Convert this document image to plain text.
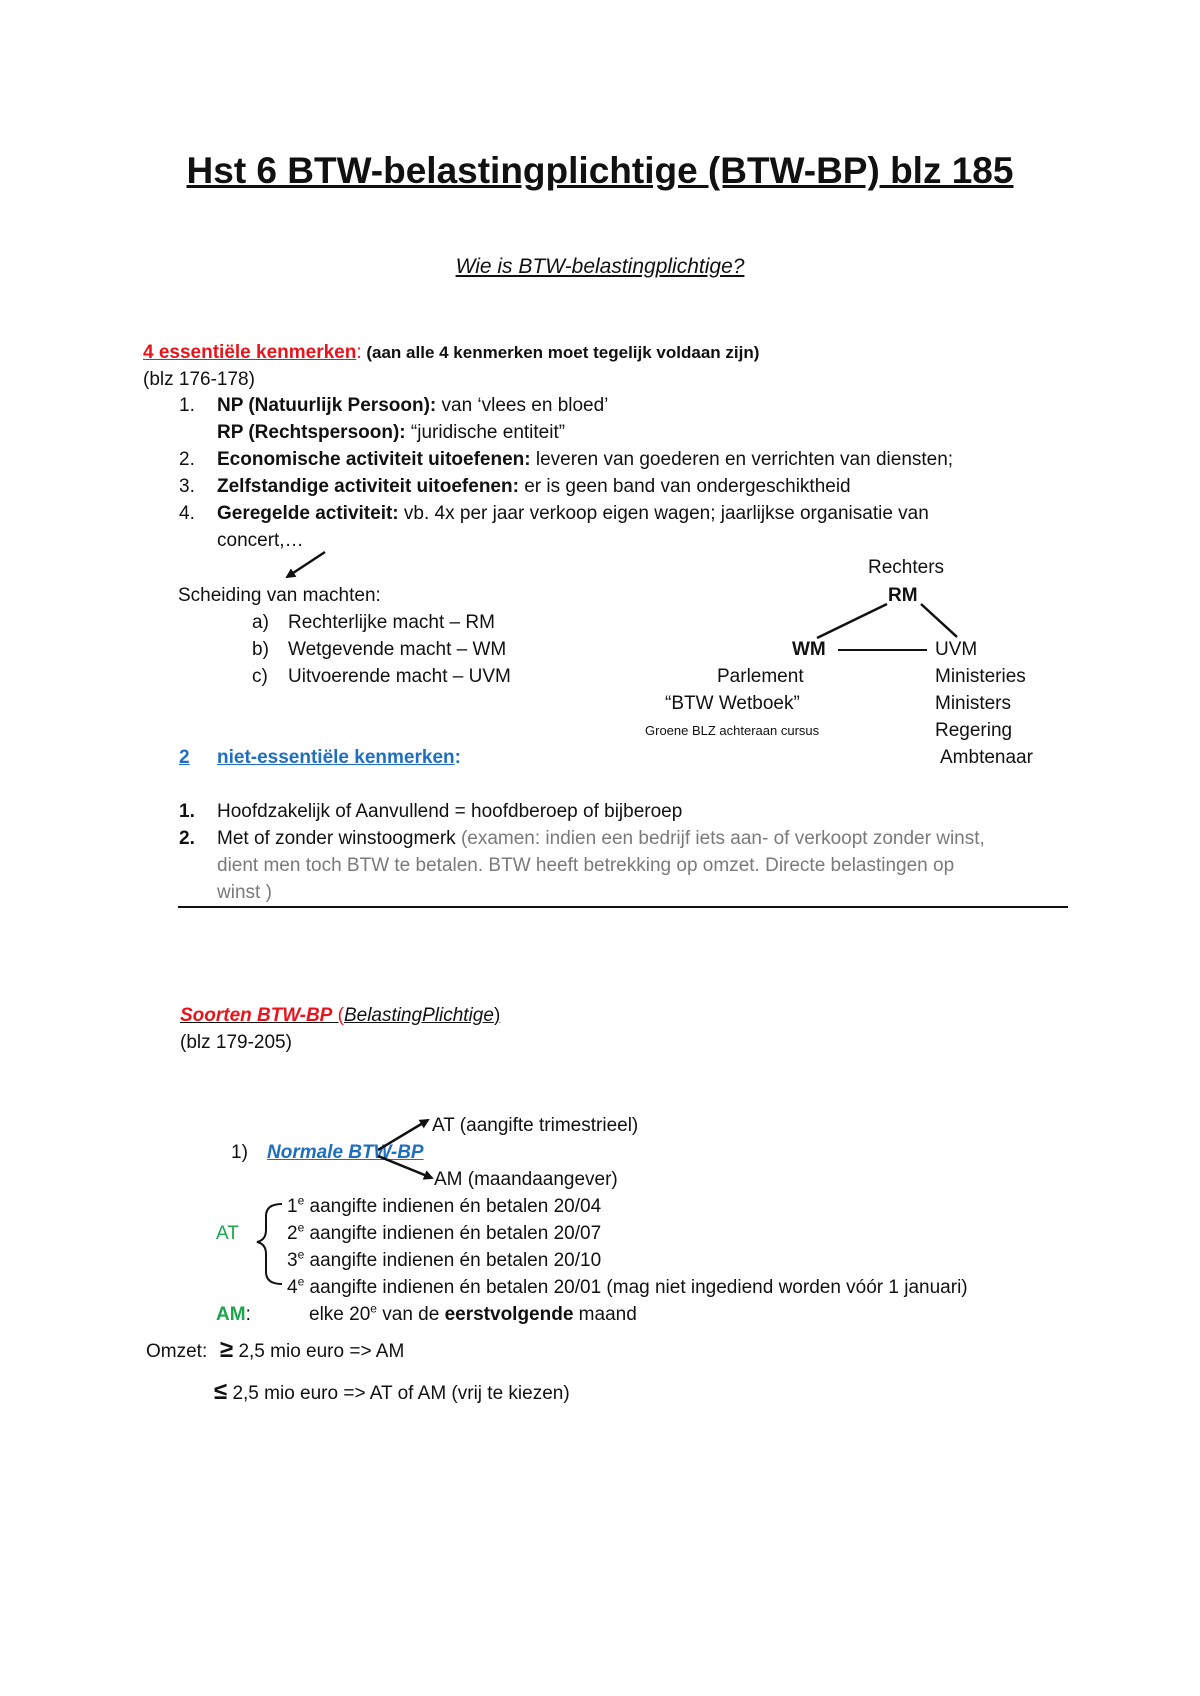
Hst 6 BTW-belastingplichtige (BTW-BP) blz 185
Wie is BTW-belastingplichtige?
4 essentiële kenmerken: (aan alle 4 kenmerken moet tegelijk voldaan zijn)
(blz 176-178)
1. NP (Natuurlijk Persoon): van ‘vlees en bloed’
RP (Rechtspersoon): “juridische entiteit”
2. Economische activiteit uitoefenen: leveren van goederen en verrichten van diensten;
3. Zelfstandige activiteit uitoefenen: er is geen band van ondergeschiktheid
4. Geregelde activiteit: vb. 4x per jaar verkoop eigen wagen; jaarlijkse organisatie van
concert,…
Scheiding van machten:
a) Rechterlijke macht – RM
b) Wetgevende macht – WM
c) Uitvoerende macht – UVM
Rechters
RM
WM	UVM
Parlement
“BTW Wetboek”
Groene BLZ achteraan cursus
Ministeries
Ministers
Regering
Ambtenaar
2 niet-essentiële kenmerken:
1. Hoofdzakelijk of Aanvullend = hoofdberoep of bijberoep
2. Met of zonder winstoogmerk (examen: indien een bedrijf iets aan- of verkoopt zonder winst,
dient men toch BTW te betalen. BTW heeft betrekking op omzet. Directe belastingen op
winst )
Soorten BTW-BP (BelastingPlichtige)
(blz 179-205)
1) Normale BTW-BP
AT (aangifte trimestrieel)
AM (maandaangever)
AT
1e aangifte indienen én betalen 20/04
2e aangifte indienen én betalen 20/07
3e aangifte indienen én betalen 20/10
4e aangifte indienen én betalen 20/01 (mag niet ingediend worden vóór 1 januari)
AM:	elke 20e van de eerstvolgende maand
Omzet: ≥ 2,5 mio euro => AM
≤ 2,5 mio euro => AT of AM (vrij te kiezen)
